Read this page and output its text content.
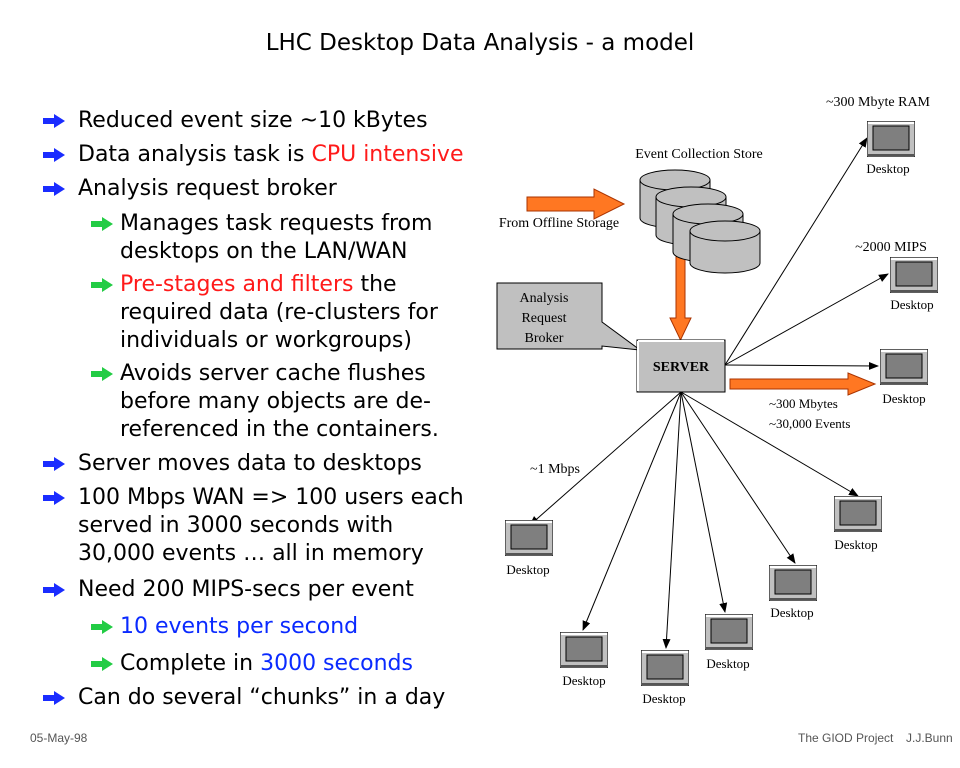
LHC Desktop Data Analysis - a model
Reduced event size ~10 kBytes
Data analysis task is CPU intensive
Analysis request broker
Manages task requests from
desktops on the LAN/WAN
Pre-stages and filters the
required data (re-clusters for
individuals or workgroups)
Avoids server cache flushes
before many objects are de-
referenced in the containers.
Server moves data to desktops
100 Mbps WAN => 100 users each
served in 3000 seconds with
30,000 events … all in memory
Need 200 MIPS-secs per event
10 events per second
Complete in 3000 seconds
Can do several “chunks” in a day
Analysis
Request
Broker
SERVER
Desktop
Desktop
Desktop
Desktop
Desktop
Desktop
Desktop
Desktop
Desktop
~300 Mbyte RAM
Event Collection Store
From Offline Storage
~2000 MIPS
~300 Mbytes
~30,000 Events
~1 Mbps
05-May-98	The GIOD Project J.J.Bunn
